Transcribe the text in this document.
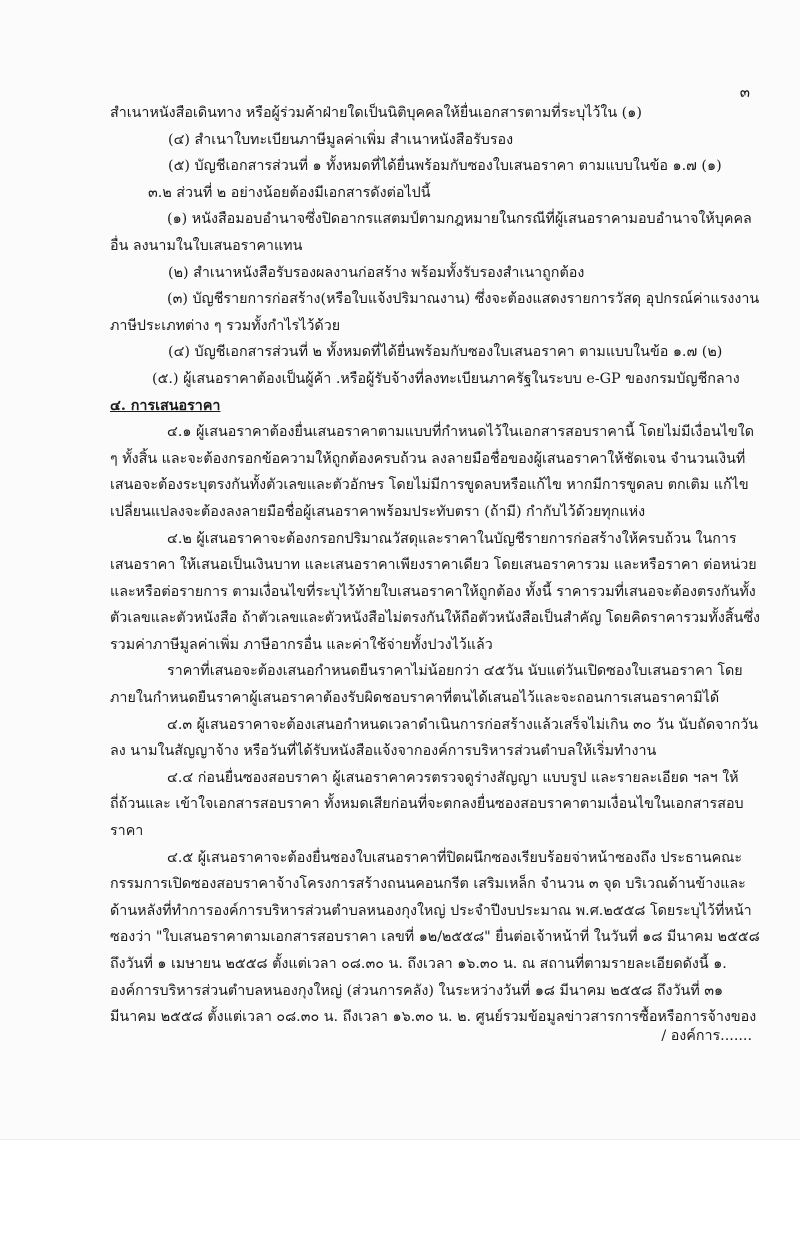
๓

สำเนาหนังสือเดินทาง หรือผู้ร่วมค้าฝ่ายใดเป็นนิติบุคคลให้ยื่นเอกสารตามที่ระบุไว้ใน (๑)

(๔) สำเนาใบทะเบียนภาษีมูลค่าเพิ่ม สำเนาหนังสือรับรอง

(๕) บัญชีเอกสารส่วนที่ ๑ ทั้งหมดที่ได้ยื่นพร้อมกับซองใบเสนอราคา ตามแบบในข้อ ๑.๗ (๑)

๓.๒ ส่วนที่ ๒ อย่างน้อยต้องมีเอกสารดังต่อไปนี้

(๑) หนังสือมอบอำนาจซึ่งปิดอากรแสตมป์ตามกฎหมายในกรณีที่ผู้เสนอราคามอบอำนาจให้บุคคลอื่น ลงนามในใบเสนอราคาแทน

(๒) สำเนาหนังสือรับรองผลงานก่อสร้าง พร้อมทั้งรับรองสำเนาถูกต้อง

(๓) บัญชีรายการก่อสร้าง(หรือใบแจ้งปริมาณงาน) ซึ่งจะต้องแสดงรายการวัสดุ อุปกรณ์ค่าแรงงาน ภาษีประเภทต่าง ๆ รวมทั้งกำไรไว้ด้วย

(๔) บัญชีเอกสารส่วนที่ ๒ ทั้งหมดที่ได้ยื่นพร้อมกับซองใบเสนอราคา ตามแบบในข้อ ๑.๗ (๒)

(๕.) ผู้เสนอราคาต้องเป็นผู้ค้า .หรือผู้รับจ้างที่ลงทะเบียนภาครัฐในระบบ e-GP ของกรมบัญชีกลาง

๔. การเสนอราคา

๔.๑ ผู้เสนอราคาต้องยื่นเสนอราคาตามแบบที่กำหนดไว้ในเอกสารสอบราคานี้ โดยไม่มีเงื่อนไขใด ๆ ทั้งสิ้น และจะต้องกรอกข้อความให้ถูกต้องครบถ้วน ลงลายมือชื่อของผู้เสนอราคาให้ชัดเจน จำนวนเงินที่เสนอจะต้องระบุตรงกันทั้งตัวเลขและตัวอักษร โดยไม่มีการขูดลบหรือแก้ไข หากมีการขูดลบ ตกเติม แก้ไข เปลี่ยนแปลงจะต้องลงลายมือชื่อผู้เสนอราคาพร้อมประทับตรา (ถ้ามี) กำกับไว้ด้วยทุกแห่ง

๔.๒ ผู้เสนอราคาจะต้องกรอกปริมาณวัสดุและราคาในบัญชีรายการก่อสร้างให้ครบถ้วน ในการเสนอราคา ให้เสนอเป็นเงินบาท และเสนอราคาเพียงราคาเดียว โดยเสนอราคารวม และหรือราคา ต่อหน่วย และหรือต่อรายการ ตามเงื่อนไขที่ระบุไว้ท้ายใบเสนอราคาให้ถูกต้อง ทั้งนี้ ราคารวมที่เสนอจะต้องตรงกันทั้งตัวเลขและตัวหนังสือ ถ้าตัวเลขและตัวหนังสือไม่ตรงกันให้ถือตัวหนังสือเป็นสำคัญ โดยคิดราคารวมทั้งสิ้นซึ่งรวมค่าภาษีมูลค่าเพิ่ม ภาษีอากรอื่น และค่าใช้จ่ายทั้งปวงไว้แล้ว

ราคาที่เสนอจะต้องเสนอกำหนดยืนราคาไม่น้อยกว่า ๔๕วัน นับแต่วันเปิดซองใบเสนอราคา โดย ภายในกำหนดยืนราคาผู้เสนอราคาต้องรับผิดชอบราคาที่ตนได้เสนอไว้และจะถอนการเสนอราคามิได้

๔.๓ ผู้เสนอราคาจะต้องเสนอกำหนดเวลาดำเนินการก่อสร้างแล้วเสร็จไม่เกิน ๓๐ วัน นับถัดจากวันลง นามในสัญญาจ้าง หรือวันที่ได้รับหนังสือแจ้งจากองค์การบริหารส่วนตำบลให้เริ่มทำงาน

๔.๔ ก่อนยื่นซองสอบราคา ผู้เสนอราคาควรตรวจดูร่างสัญญา แบบรูป และรายละเอียด ฯลฯ ให้ถี่ถ้วนและ เข้าใจเอกสารสอบราคา ทั้งหมดเสียก่อนที่จะตกลงยื่นซองสอบราคาตามเงื่อนไขในเอกสารสอบราคา

๔.๕ ผู้เสนอราคาจะต้องยื่นซองใบเสนอราคาที่ปิดผนึกซองเรียบร้อยจ่าหน้าซองถึง ประธานคณะกรรมการเปิดซองสอบราคาจ้างโครงการสร้างถนนคอนกรีต เสริมเหล็ก จำนวน ๓ จุด บริเวณด้านข้างและด้านหลังที่ทำการองค์การบริหารส่วนตำบลหนองกุงใหญ่ ประจำปีงบประมาณ พ.ศ.๒๕๕๘ โดยระบุไว้ที่หน้าซองว่า "ใบเสนอราคาตามเอกสารสอบราคา เลขที่ ๑๒/๒๕๕๘" ยื่นต่อเจ้าหน้าที่ ในวันที่ ๑๘ มีนาคม ๒๕๕๘ ถึงวันที่ ๑ เมษายน ๒๕๕๘ ตั้งแต่เวลา ๐๘.๓๐ น. ถึงเวลา ๑๖.๓๐ น. ณ สถานที่ตามรายละเอียดดังนี้ ๑. องค์การบริหารส่วนตำบลหนองกุงใหญ่ (ส่วนการคลัง) ในระหว่างวันที่ ๑๘ มีนาคม ๒๕๕๘ ถึงวันที่ ๓๑ มีนาคม ๒๕๕๘ ตั้งแต่เวลา ๐๘.๓๐ น. ถึงเวลา ๑๖.๓๐ น. ๒. ศูนย์รวมข้อมูลข่าวสารการซื้อหรือการจ้างของ

/ องค์การ.......
